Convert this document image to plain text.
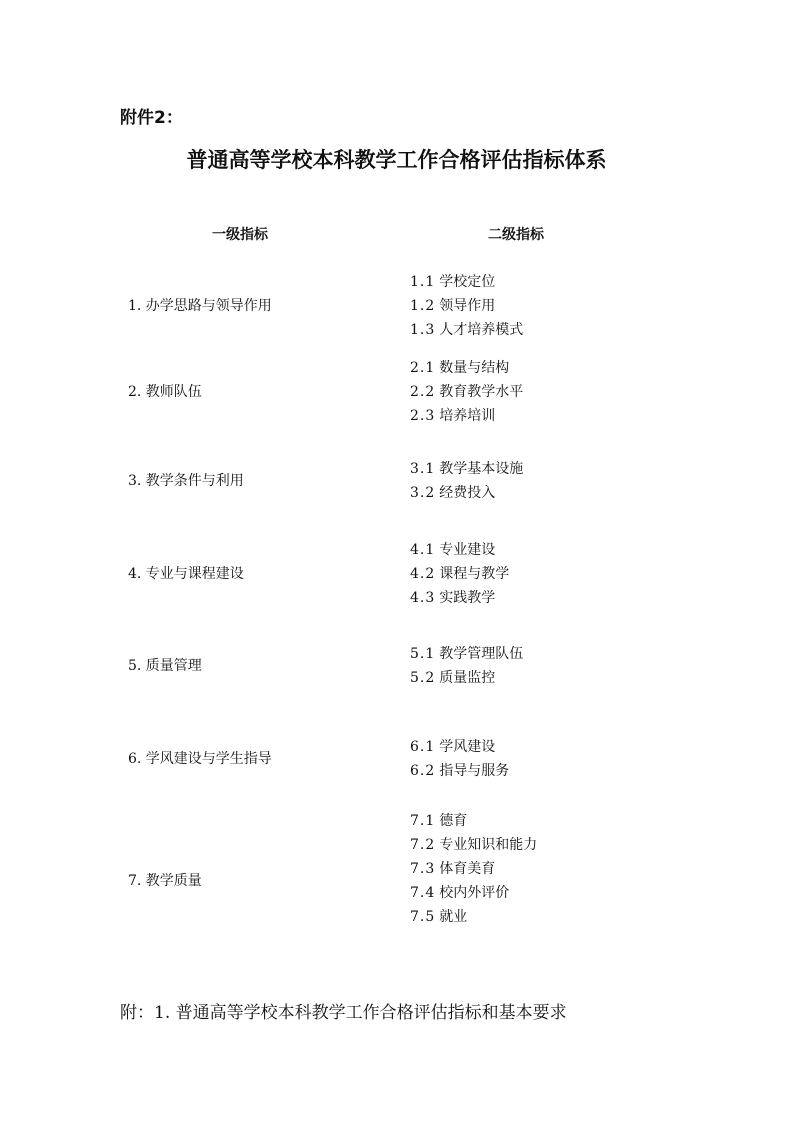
附件2：
普通高等学校本科教学工作合格评估指标体系
一级指标	二级指标
1. 办学思路与领导作用
1.1 学校定位
1.2 领导作用
1.3 人才培养模式
2. 教师队伍
2.1 数量与结构
2.2 教育教学水平
2.3 培养培训
3. 教学条件与利用
3.1 教学基本设施
3.2 经费投入
4. 专业与课程建设
4.1 专业建设
4.2 课程与教学
4.3 实践教学
5. 质量管理
5.1 教学管理队伍
5.2 质量监控
6. 学风建设与学生指导
6.1 学风建设
6.2 指导与服务
7. 教学质量
7.1 德育
7.2 专业知识和能力
7.3 体育美育
7.4 校内外评价
7.5 就业
附：1. 普通高等学校本科教学工作合格评估指标和基本要求
